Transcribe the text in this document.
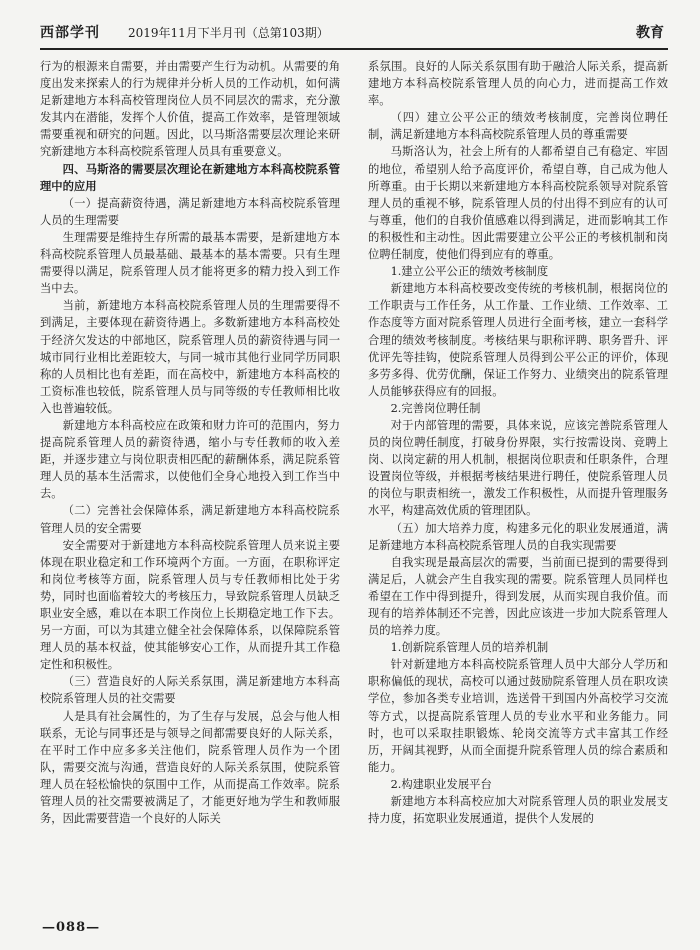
西部学刊 2019年11月下半月刊（总第103期）	教育

行为的根源来自需要，并由需要产生行为动机。从需要的角度出发来探索人的行为规律并分析人员的工作动机，如何满足新建地方本科高校管理岗位人员不同层次的需求，充分激发其内在潜能，发挥个人价值，提高工作效率，是管理领域需要重视和研究的问题。因此，以马斯洛需要层次理论来研究新建地方本科高校院系管理人员具有重要意义。

四、马斯洛的需要层次理论在新建地方本科高校院系管理中的应用

（一）提高薪资待遇，满足新建地方本科高校院系管理人员的生理需要

生理需要是维持生存所需的最基本需要，是新建地方本科高校院系管理人员最基础、最基本的基本需要。只有生理需要得以满足，院系管理人员才能将更多的精力投入到工作当中去。

当前，新建地方本科高校院系管理人员的生理需要得不到满足，主要体现在薪资待遇上。多数新建地方本科高校处于经济欠发达的中部地区，院系管理人员的薪资待遇与同一城市同行业相比差距较大，与同一城市其他行业同学历同职称的人员相比也有差距，而在高校中，新建地方本科高校的工资标准也较低，院系管理人员与同等级的专任教师相比收入也普遍较低。

新建地方本科高校应在政策和财力许可的范围内，努力提高院系管理人员的薪资待遇，缩小与专任教师的收入差距，并逐步建立与岗位职责相匹配的薪酬体系，满足院系管理人员的基本生活需求，以使他们全身心地投入到工作当中去。

（二）完善社会保障体系，满足新建地方本科高校院系管理人员的安全需要

安全需要对于新建地方本科高校院系管理人员来说主要体现在职业稳定和工作环境两个方面。一方面，在职称评定和岗位考核等方面，院系管理人员与专任教师相比处于劣势，同时也面临着较大的考核压力，导致院系管理人员缺乏职业安全感，难以在本职工作岗位上长期稳定地工作下去。另一方面，可以为其建立健全社会保障体系，以保障院系管理人员的基本权益，使其能够安心工作，从而提升其工作稳定性和积极性。

（三）营造良好的人际关系氛围，满足新建地方本科高校院系管理人员的社交需要

人是具有社会属性的，为了生存与发展，总会与他人相联系，无论与同事还是与领导之间都需要良好的人际关系，在平时工作中应多多关注他们，院系管理人员作为一个团队，需要交流与沟通，营造良好的人际关系氛围，使院系管理人员在轻松愉快的氛围中工作，从而提高工作效率。院系管理人员的社交需要被满足了，才能更好地为学生和教师服务，因此需要营造一个良好的人际关

系氛围。良好的人际关系氛围有助于融洽人际关系，提高新建地方本科高校院系管理人员的向心力，进而提高工作效率。

（四）建立公平公正的绩效考核制度，完善岗位聘任制，满足新建地方本科高校院系管理人员的尊重需要

马斯洛认为，社会上所有的人都希望自己有稳定、牢固的地位，希望别人给予高度评价，希望自尊，自己成为他人所尊重。由于长期以来新建地方本科高校院系领导对院系管理人员的重视不够，院系管理人员的付出得不到应有的认可与尊重，他们的自我价值感难以得到满足，进而影响其工作的积极性和主动性。因此需要建立公平公正的考核机制和岗位聘任制度，使他们得到应有的尊重。

1.建立公平公正的绩效考核制度

新建地方本科高校要改变传统的考核机制，根据岗位的工作职责与工作任务，从工作量、工作业绩、工作效率、工作态度等方面对院系管理人员进行全面考核，建立一套科学合理的绩效考核制度。考核结果与职称评聘、职务晋升、评优评先等挂钩，使院系管理人员得到公平公正的评价，体现多劳多得、优劳优酬，保证工作努力、业绩突出的院系管理人员能够获得应有的回报。

2.完善岗位聘任制

对于内部管理的需要，具体来说，应该完善院系管理人员的岗位聘任制度，打破身份界限，实行按需设岗、竞聘上岗、以岗定薪的用人机制，根据岗位职责和任职条件，合理设置岗位等级，并根据考核结果进行聘任，使院系管理人员的岗位与职责相统一，激发工作积极性，从而提升管理服务水平，构建高效优质的管理团队。

（五）加大培养力度，构建多元化的职业发展通道，满足新建地方本科高校院系管理人员的自我实现需要

自我实现是最高层次的需要，当前面已提到的需要得到满足后，人就会产生自我实现的需要。院系管理人员同样也希望在工作中得到提升，得到发展，从而实现自我价值。而现有的培养体制还不完善，因此应该进一步加大院系管理人员的培养力度。

1.创新院系管理人员的培养机制

针对新建地方本科高校院系管理人员中大部分人学历和职称偏低的现状，高校可以通过鼓励院系管理人员在职攻读学位，参加各类专业培训，选送骨干到国内外高校学习交流等方式，以提高院系管理人员的专业水平和业务能力。同时，也可以采取挂职锻炼、轮岗交流等方式丰富其工作经历，开阔其视野，从而全面提升院系管理人员的综合素质和能力。

2.构建职业发展平台

新建地方本科高校应加大对院系管理人员的职业发展支持力度，拓宽职业发展通道，提供个人发展的

—088—
